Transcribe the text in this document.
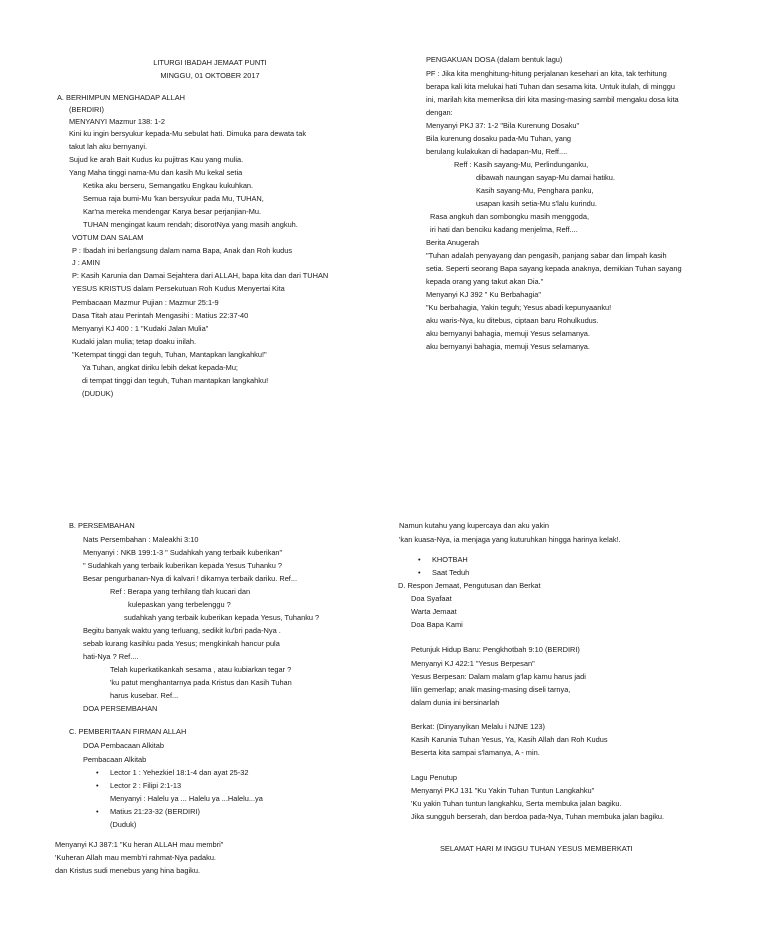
LITURGI IBADAH JEMAAT PUNTI
MINGGU, 01 OKTOBER 2017
A. BERHIMPUN MENGHADAP ALLAH
(BERDIRI)
MENYANYI Mazmur 138: 1-2
Kini ku ingin bersyukur kepada-Mu sebulat hati. Dimuka para dewata tak
takut lah aku bernyanyi.
Sujud ke arah Bait Kudus ku pujitras Kau yang mulia.
Yang Maha tinggi nama-Mu dan kasih Mu kekal setia
Ketika aku berseru, Semangatku Engkau kukuhkan.
Semua raja bumi-Mu 'kan bersyukur pada Mu, TUHAN,
Kar'na mereka mendengar Karya besar perjanjian-Mu.
TUHAN mengingat kaum rendah; disorotNya yang masih angkuh.
VOTUM DAN SALAM
P : Ibadah ini berlangsung dalam nama Bapa, Anak dan Roh kudus
J : AMIN
P: Kasih Karunia dan Damai Sejahtera dari ALLAH, bapa kita dan dari TUHAN
YESUS KRISTUS dalam Persekutuan Roh Kudus Menyertai Kita
Pembacaan Mazmur Pujian : Mazmur 25:1-9
Dasa Titah atau Perintah Mengasihi : Matius 22:37-40
Menyanyi KJ 400 : 1 "Kudaki Jalan Mulia"
Kudaki jalan mulia; tetap doaku inilah.
"Ketempat tinggi dan teguh, Tuhan, Mantapkan langkahku!"
Ya Tuhan, angkat diriku lebih dekat kepada-Mu;
di tempat tinggi dan teguh, Tuhan mantapkan langkahku!
(DUDUK)
PENGAKUAN DOSA (dalam bentuk lagu)
PF : Jika kita menghitung-hitung perjalanan kesehari an kita, tak terhitung
berapa kali kita melukai hati Tuhan dan sesama kita. Untuk itulah, di minggu
ini, marilah kita memeriksa diri kita masing-masing sambil mengaku dosa kita
dengan:
Menyanyi PKJ 37: 1-2 "Bila Kurenung Dosaku"
Bila kurenung dosaku pada-Mu Tuhan, yang
berulang kulakukan di hadapan-Mu, Reff....
Reff : Kasih sayang-Mu, Perlindunganku,
dibawah naungan sayap-Mu damai hatiku.
Kasih sayang-Mu, Penghara panku,
usapan kasih setia-Mu s'lalu kurindu.
Rasa angkuh dan sombongku masih menggoda,
iri hati dan benciku kadang menjelma, Reff....
Berita Anugerah
"Tuhan adalah penyayang dan pengasih, panjang sabar dan limpah kasih
setia. Seperti seorang Bapa sayang kepada anaknya, demikian Tuhan sayang
kepada orang yang takut akan Dia."
Menyanyi KJ 392 " Ku Berbahagia"
"Ku berbahagia, Yakin teguh; Yesus abadi kepunyaanku!
aku waris-Nya, ku ditebus, ciptaan baru Rohulkudus.
aku bernyanyi bahagia, memuji Yesus selamanya.
aku bernyanyi bahagia, memuji Yesus selamanya.
B. PERSEMBAHAN
Nats Persembahan : Maleakhi 3:10
Menyanyi : NKB 199:1-3 " Sudahkah yang terbaik kuberikan"
" Sudahkah yang terbaik kuberikan kepada Yesus Tuhanku ?
Besar pengurbanan-Nya di kalvari ! dikarnya terbaik dariku. Ref...
Ref : Berapa yang terhilang tlah kucari dan
kulepaskan yang terbelenggu ?
sudahkah yang terbaik kuberikan kepada Yesus, Tuhanku ?
Begitu banyak waktu yang terluang, sedikit ku'bri pada-Nya .
sebab kurang kasihku pada Yesus; mengkinkah hancur pula
hati-Nya ? Ref....
Telah kuperkatikankah sesama , atau kubiarkan tegar ?
'ku patut menghantarnya pada Kristus dan Kasih Tuhan
harus kusebar. Ref...
DOA PERSEMBAHAN
C. PEMBERITAAN FIRMAN ALLAH
DOA Pembacaan Alkitab
Pembacaan Alkitab
• Lector 1 : Yehezkiel 18:1-4 dan ayat 25-32
• Lector 2 : Filipi 2:1-13
Menyanyi : Halelu ya ... Halelu ya ...Halelu...ya
• Matius 21:23-32 (BERDIRI)
(Duduk)
Menyanyi KJ 387:1 "Ku heran ALLAH mau membri"
'Kuheran Allah mau memb'ri rahmat-Nya padaku.
dan Kristus sudi menebus yang hina bagiku.
Namun kutahu yang kupercaya dan aku yakin
'kan kuasa-Nya, ia menjaga yang kuturuhkan hingga harinya kelak!.
• KHOTBAH
• Saat Teduh
D. Respon Jemaat, Pengutusan dan Berkat
Doa Syafaat
Warta Jemaat
Doa Bapa Kami
Petunjuk Hidup Baru: Pengkhotbah 9:10 (BERDIRI)
Menyanyi KJ 422:1 "Yesus Berpesan"
Yesus Berpesan: Dalam malam g'lap kamu harus jadi
lilin gemerlap; anak masing-masing diseli tarnya,
dalam dunia ini bersinarlah
Berkat: (Dinyanyikan Melalu i NJNE 123)
Kasih Karunia Tuhan Yesus, Ya, Kasih Allah dan Roh Kudus
Beserta kita sampai s'lamanya, A - min.
Lagu Penutup
Menyanyi PKJ 131 "Ku Yakin Tuhan Tuntun Langkahku"
'Ku yakin Tuhan tuntun langkahku, Serta membuka jalan bagiku.
Jika sungguh berserah, dan berdoa pada-Nya, Tuhan membuka jalan bagiku.
SELAMAT HARI M INGGU TUHAN YESUS MEMBERKATI
